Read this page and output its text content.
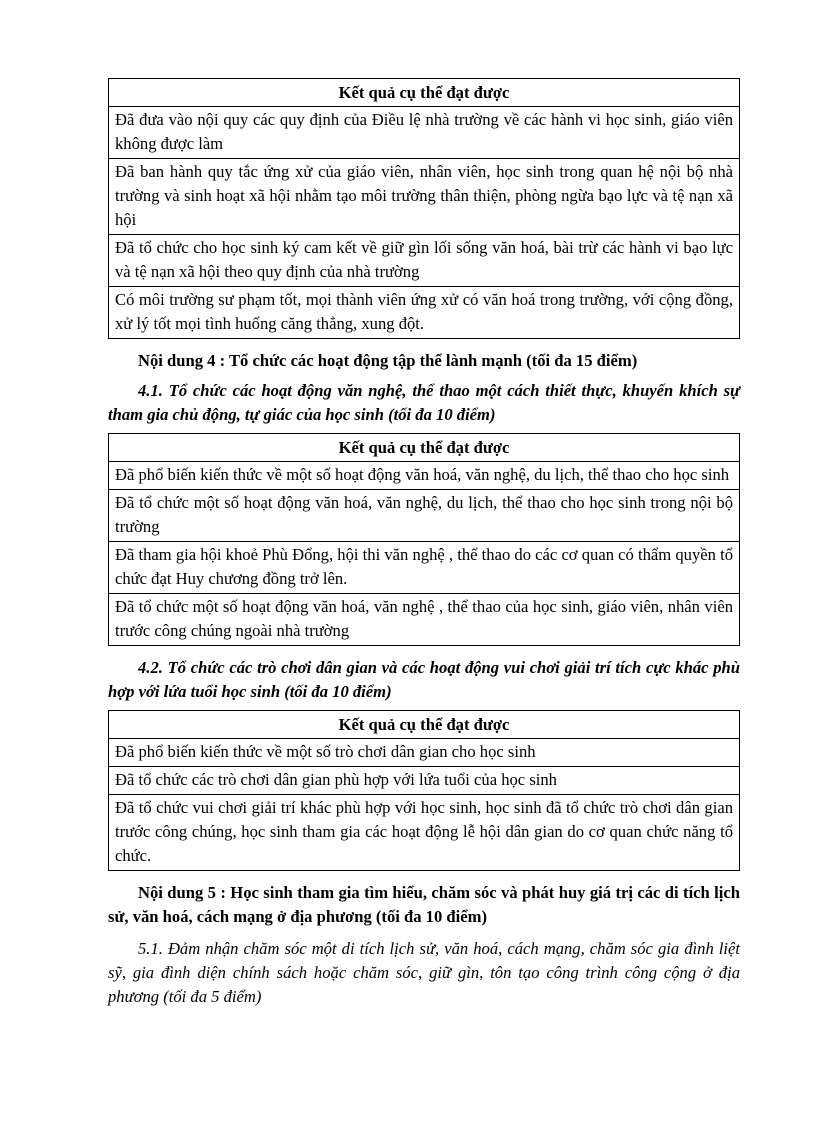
Kết quả cụ thể đạt được
Đã đưa vào nội quy các quy định của Điều lệ nhà trường về các hành vi học sinh, giáo viên không được làm
Đã ban hành quy tắc ứng xử của giáo viên, nhân viên, học sinh trong quan hệ nội bộ nhà trường và sinh hoạt xã hội nhằm tạo môi trường thân thiện, phòng ngừa bạo lực và tệ nạn xã hội
Đã tổ chức cho học sinh ký cam kết về giữ gìn lối sống văn hoá, bài trừ các hành vi bạo lực và tệ nạn xã hội theo quy định của nhà trường
Có môi trường sư phạm tốt, mọi thành viên ứng xử có văn hoá trong trường, với cộng đồng, xử lý tốt mọi tình huống căng thẳng, xung đột.

Nội dung 4 : Tổ chức các hoạt động tập thể lành mạnh (tối đa 15 điểm)

4.1. Tổ chức các hoạt động văn nghệ, thể thao một cách thiết thực, khuyến khích sự tham gia chủ động, tự giác của học sinh (tối đa 10 điểm)

Kết quả cụ thể đạt được
Đã phổ biến kiến thức về một số hoạt động văn hoá, văn nghệ, du lịch, thể thao cho học sinh
Đã tổ chức một số hoạt động văn hoá, văn nghệ, du lịch, thể thao cho học sinh trong nội bộ trường
Đã tham gia hội khoẻ Phù Đổng, hội thi văn nghệ , thể thao do các cơ quan có thẩm quyền tổ chức đạt Huy chương đồng trở lên.
Đã tổ chức một số hoạt động văn hoá, văn nghệ , thể thao của học sinh, giáo viên, nhân viên trước công chúng ngoài nhà trường

4.2. Tổ chức các trò chơi dân gian và các hoạt động vui chơi giải trí tích cực khác phù hợp với lứa tuổi học sinh (tối đa 10 điểm)

Kết quả cụ thể đạt được
Đã phổ biến kiến thức về một số trò chơi dân gian cho học sinh
Đã tổ chức các trò chơi dân gian phù hợp với lứa tuổi của học sinh
Đã tổ chức vui chơi giải trí khác phù hợp với học sinh, học sinh đã tổ chức trò chơi dân gian trước công chúng, học sinh tham gia các hoạt động lễ hội dân gian do cơ quan chức năng tổ chức.

Nội dung 5 : Học sinh tham gia tìm hiểu, chăm sóc và phát huy giá trị các di tích lịch sử, văn hoá, cách mạng ở địa phương (tối đa 10 điểm)

5.1. Đảm nhận chăm sóc một di tích lịch sử, văn hoá, cách mạng, chăm sóc gia đình liệt sỹ, gia đình diện chính sách hoặc chăm sóc, giữ gìn, tôn tạo công trình công cộng ở địa phương (tối đa 5 điểm)
